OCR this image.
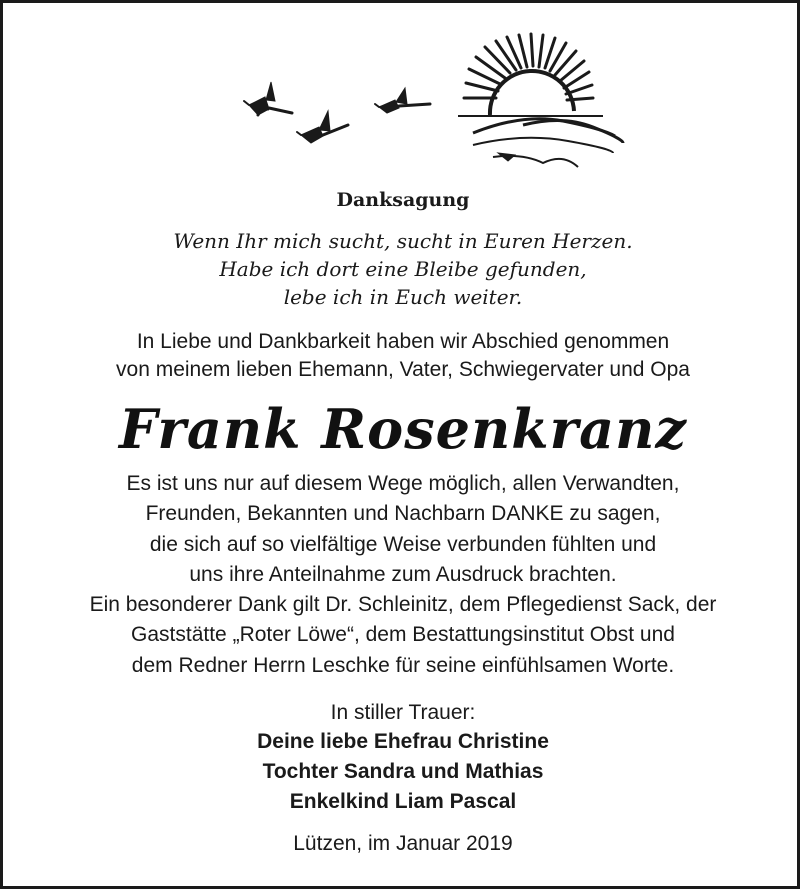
Danksagung
Wenn Ihr mich sucht, sucht in Euren Herzen.
Habe ich dort eine Bleibe gefunden,
lebe ich in Euch weiter.
In Liebe und Dankbarkeit haben wir Abschied genommen
von meinem lieben Ehemann, Vater, Schwiegervater und Opa
Frank Rosenkranz
Es ist uns nur auf diesem Wege möglich, allen Verwandten,
Freunden, Bekannten und Nachbarn DANKE zu sagen,
die sich auf so vielfältige Weise verbunden fühlten und
uns ihre Anteilnahme zum Ausdruck brachten.
Ein besonderer Dank gilt Dr. Schleinitz, dem Pflegedienst Sack, der
Gaststätte „Roter Löwe“, dem Bestattungsinstitut Obst und
dem Redner Herrn Leschke für seine einfühlsamen Worte.
In stiller Trauer:
Deine liebe Ehefrau Christine
Tochter Sandra und Mathias
Enkelkind Liam Pascal
Lützen, im Januar 2019
